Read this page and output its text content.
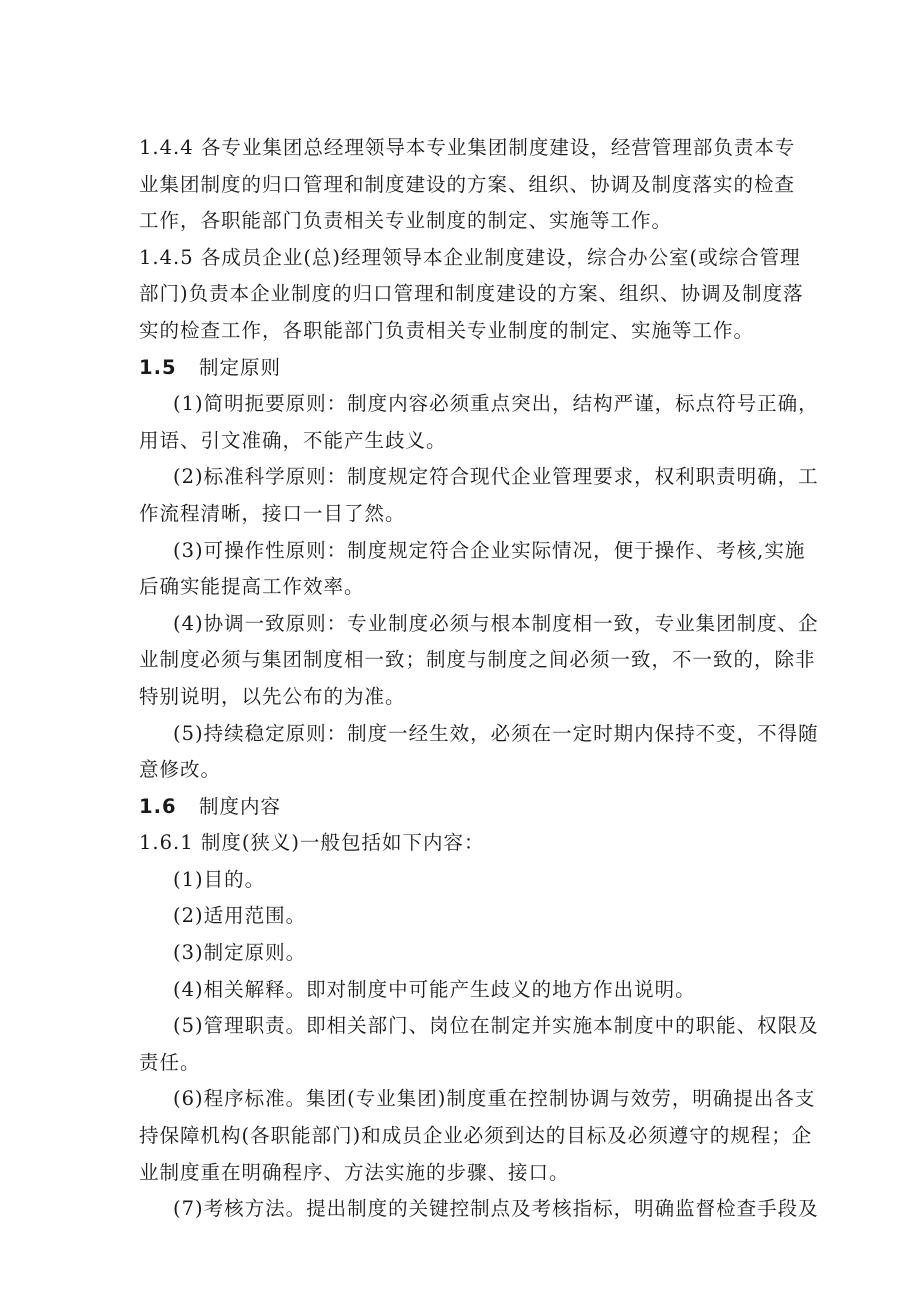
1.4.4 各专业集团总经理领导本专业集团制度建设，经营管理部负责本专
业集团制度的归口管理和制度建设的方案、组织、协调及制度落实的检查
工作，各职能部门负责相关专业制度的制定、实施等工作。
1.4.5 各成员企业(总)经理领导本企业制度建设，综合办公室(或综合管理
部门)负责本企业制度的归口管理和制度建设的方案、组织、协调及制度落
实的检查工作，各职能部门负责相关专业制度的制定、实施等工作。
1.5 制定原则
(1)简明扼要原则：制度内容必须重点突出，结构严谨，标点符号正确，
用语、引文准确，不能产生歧义。
(2)标准科学原则：制度规定符合现代企业管理要求，权利职责明确，工
作流程清晰，接口一目了然。
(3)可操作性原则：制度规定符合企业实际情况，便于操作、考核,实施
后确实能提高工作效率。
(4)协调一致原则：专业制度必须与根本制度相一致，专业集团制度、企
业制度必须与集团制度相一致；制度与制度之间必须一致，不一致的，除非
特别说明，以先公布的为准。
(5)持续稳定原则：制度一经生效，必须在一定时期内保持不变，不得随
意修改。
1.6 制度内容
1.6.1 制度(狭义)一般包括如下内容：
(1)目的。
(2)适用范围。
(3)制定原则。
(4)相关解释。即对制度中可能产生歧义的地方作出说明。
(5)管理职责。即相关部门、岗位在制定并实施本制度中的职能、权限及
责任。
(6)程序标准。集团(专业集团)制度重在控制协调与效劳，明确提出各支
持保障机构(各职能部门)和成员企业必须到达的目标及必须遵守的规程；企
业制度重在明确程序、方法实施的步骤、接口。
(7)考核方法。提出制度的关键控制点及考核指标，明确监督检查手段及
